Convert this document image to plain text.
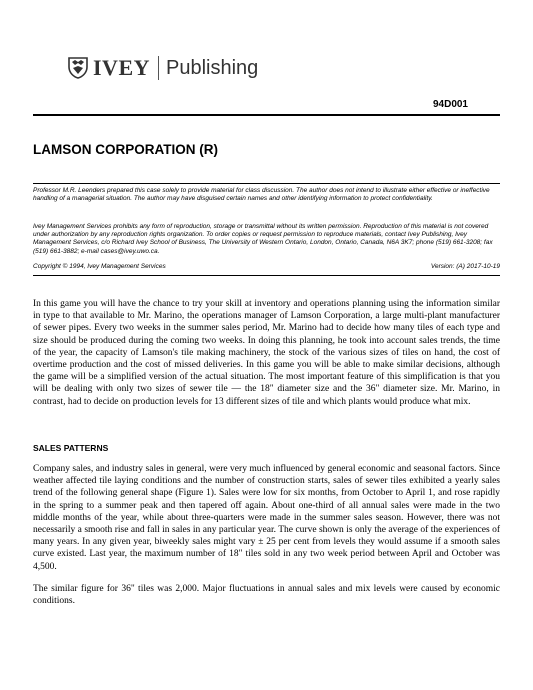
IVEY Publishing
94D001
LAMSON CORPORATION (R)

Professor M.R. Leenders prepared this case solely to provide material for class discussion. The author does not intend to illustrate either effective or ineffective handling of a managerial situation. The author may have disguised certain names and other identifying information to protect confidentiality.

Ivey Management Services prohibits any form of reproduction, storage or transmittal without its written permission. Reproduction of this material is not covered under authorization by any reproduction rights organization. To order copies or request permission to reproduce materials, contact Ivey Publishing, Ivey Management Services, c/o Richard Ivey School of Business, The University of Western Ontario, London, Ontario, Canada, N6A 3K7; phone (519) 661-3208; fax (519) 661-3882; e-mail cases@ivey.uwo.ca.

Copyright © 1994, Ivey Management Services	Version: (A) 2017-10-19

In this game you will have the chance to try your skill at inventory and operations planning using the information similar in type to that available to Mr. Marino, the operations manager of Lamson Corporation, a large multi-plant manufacturer of sewer pipes. Every two weeks in the summer sales period, Mr. Marino had to decide how many tiles of each type and size should be produced during the coming two weeks. In doing this planning, he took into account sales trends, the time of the year, the capacity of Lamson's tile making machinery, the stock of the various sizes of tiles on hand, the cost of overtime production and the cost of missed deliveries. In this game you will be able to make similar decisions, although the game will be a simplified version of the actual situation. The most important feature of this simplification is that you will be dealing with only two sizes of sewer tile — the 18" diameter size and the 36" diameter size. Mr. Marino, in contrast, had to decide on production levels for 13 different sizes of tile and which plants would produce what mix.

SALES PATTERNS

Company sales, and industry sales in general, were very much influenced by general economic and seasonal factors. Since weather affected tile laying conditions and the number of construction starts, sales of sewer tiles exhibited a yearly sales trend of the following general shape (Figure 1). Sales were low for six months, from October to April 1, and rose rapidly in the spring to a summer peak and then tapered off again. About one-third of all annual sales were made in the two middle months of the year, while about three-quarters were made in the summer sales season. However, there was not necessarily a smooth rise and fall in sales in any particular year. The curve shown is only the average of the experiences of many years. In any given year, biweekly sales might vary ± 25 per cent from levels they would assume if a smooth sales curve existed. Last year, the maximum number of 18" tiles sold in any two week period between April and October was 4,500.

The similar figure for 36" tiles was 2,000. Major fluctuations in annual sales and mix levels were caused by economic conditions.
